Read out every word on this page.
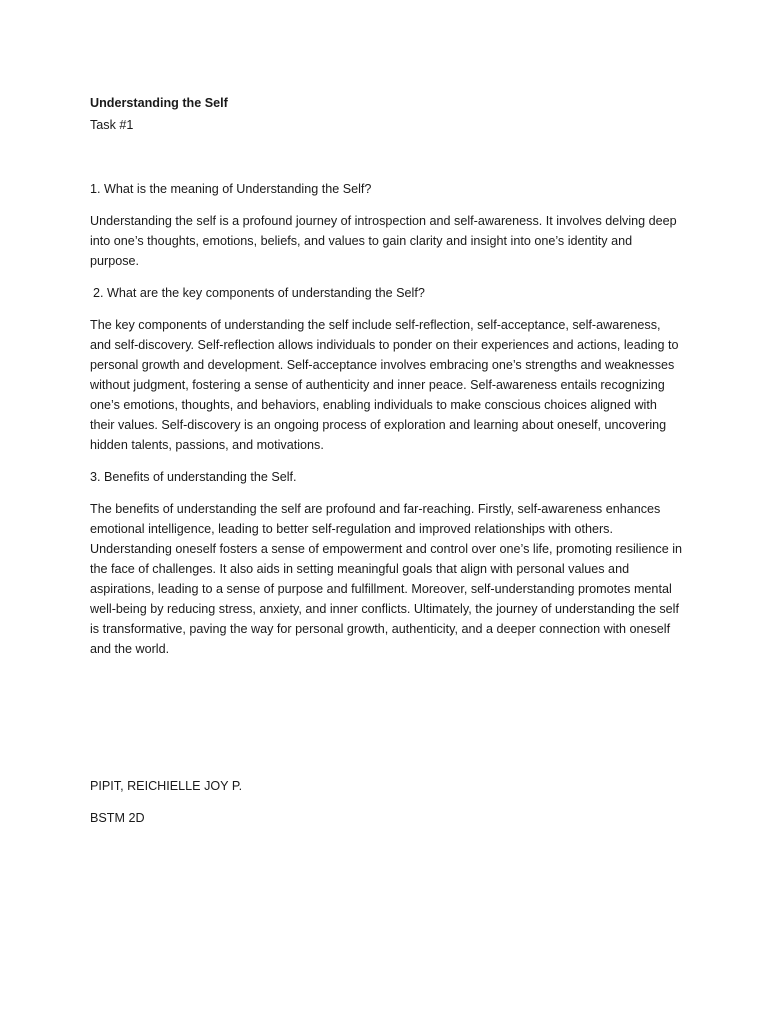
Understanding the Self

Task #1

1. What is the meaning of Understanding the Self?

Understanding the self is a profound journey of introspection and self-awareness. It involves delving deep into one’s thoughts, emotions, beliefs, and values to gain clarity and insight into one’s identity and purpose.

2. What are the key components of understanding the Self?

The key components of understanding the self include self-reflection, self-acceptance, self-awareness, and self-discovery. Self-reflection allows individuals to ponder on their experiences and actions, leading to personal growth and development. Self-acceptance involves embracing one’s strengths and weaknesses without judgment, fostering a sense of authenticity and inner peace. Self-awareness entails recognizing one’s emotions, thoughts, and behaviors, enabling individuals to make conscious choices aligned with their values. Self-discovery is an ongoing process of exploration and learning about oneself, uncovering hidden talents, passions, and motivations.

3. Benefits of understanding the Self.

The benefits of understanding the self are profound and far-reaching. Firstly, self-awareness enhances emotional intelligence, leading to better self-regulation and improved relationships with others. Understanding oneself fosters a sense of empowerment and control over one’s life, promoting resilience in the face of challenges. It also aids in setting meaningful goals that align with personal values and aspirations, leading to a sense of purpose and fulfillment. Moreover, self-understanding promotes mental well-being by reducing stress, anxiety, and inner conflicts. Ultimately, the journey of understanding the self is transformative, paving the way for personal growth, authenticity, and a deeper connection with oneself and the world.

PIPIT, REICHIELLE JOY P.

BSTM 2D
